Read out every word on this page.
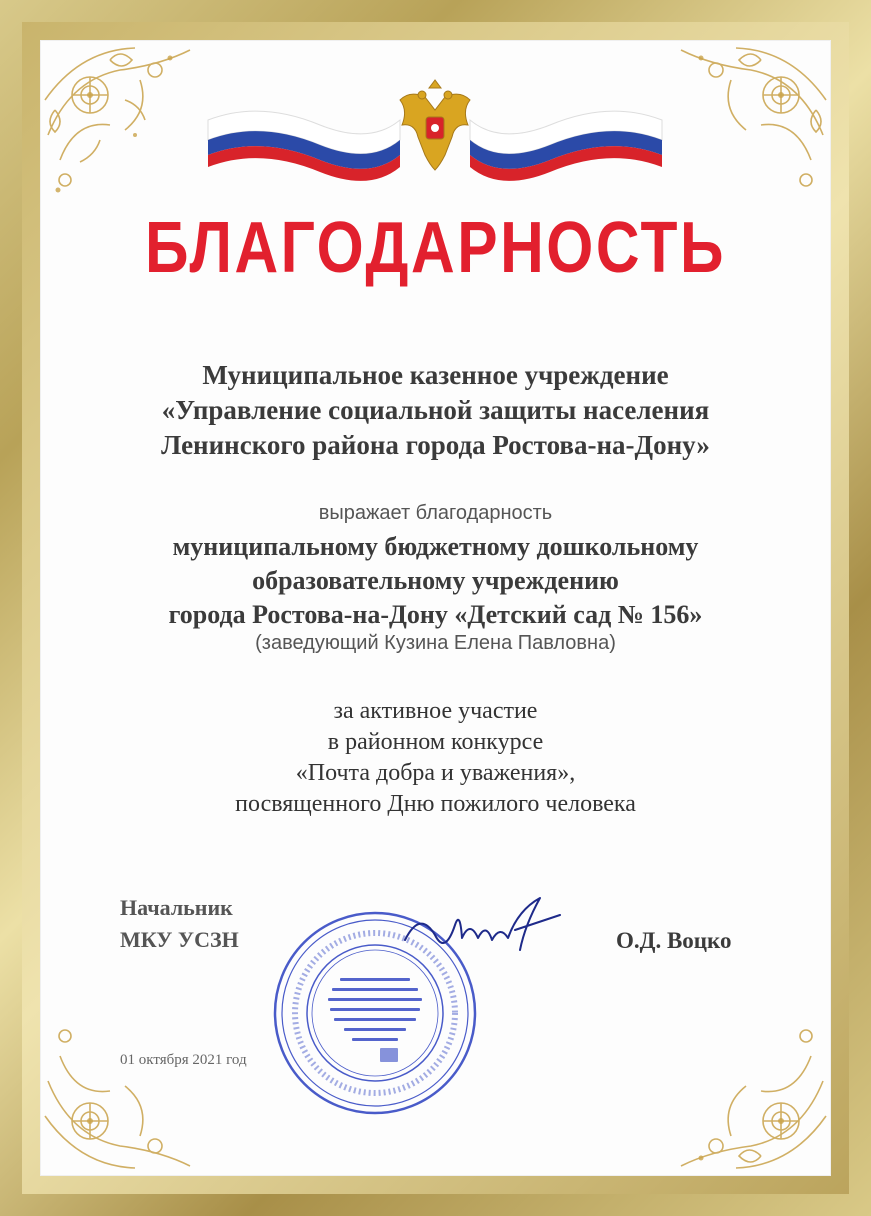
БЛАГОДАРНОСТЬ
Муниципальное казенное учреждение
«Управление социальной защиты населения
Ленинского района города Ростова-на-Дону»
выражает благодарность
муниципальному бюджетному дошкольному
образовательному учреждению
города Ростова-на-Дону «Детский сад № 156»
(заведующий Кузина Елена Павловна)
за активное участие
в районном конкурсе
«Почта добра и уважения»,
посвященного Дню пожилого человека
Начальник
МКУ УСЗН	О.Д. Воцко
01 октября 2021 год
